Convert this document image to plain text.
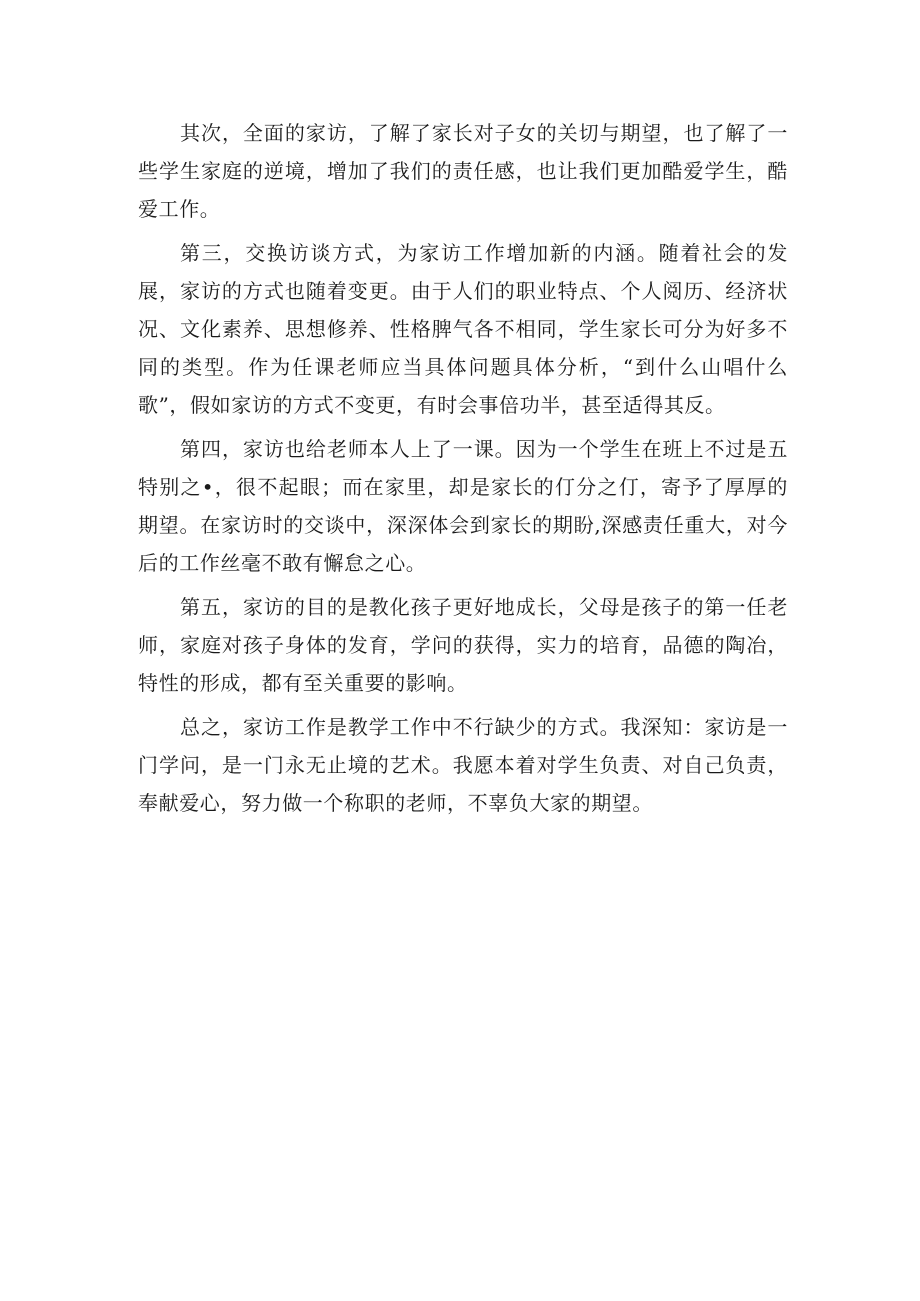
其次，全面的家访，了解了家长对子女的关切与期望，也了解了一些学生家庭的逆境，增加了我们的责任感，也让我们更加酷爱学生，酷爱工作。

第三，交换访谈方式，为家访工作增加新的内涵。随着社会的发展，家访的方式也随着变更。由于人们的职业特点、个人阅历、经济状况、文化素养、思想修养、性格脾气各不相同，学生家长可分为好多不同的类型。作为任课老师应当具体问题具体分析，“到什么山唱什么歌”，假如家访的方式不变更，有时会事倍功半，甚至适得其反。

第四，家访也给老师本人上了一课。因为一个学生在班上不过是五特别之•，很不起眼；而在家里，却是家长的仃分之仃，寄予了厚厚的期望。在家访时的交谈中，深深体会到家长的期盼,深感责任重大，对今后的工作丝毫不敢有懈怠之心。

第五，家访的目的是教化孩子更好地成长，父母是孩子的第一任老师，家庭对孩子身体的发育，学问的获得，实力的培育，品德的陶冶，特性的形成，都有至关重要的影响。

总之，家访工作是教学工作中不行缺少的方式。我深知：家访是一门学问，是一门永无止境的艺术。我愿本着对学生负责、对自己负责，奉献爱心，努力做一个称职的老师，不辜负大家的期望。
